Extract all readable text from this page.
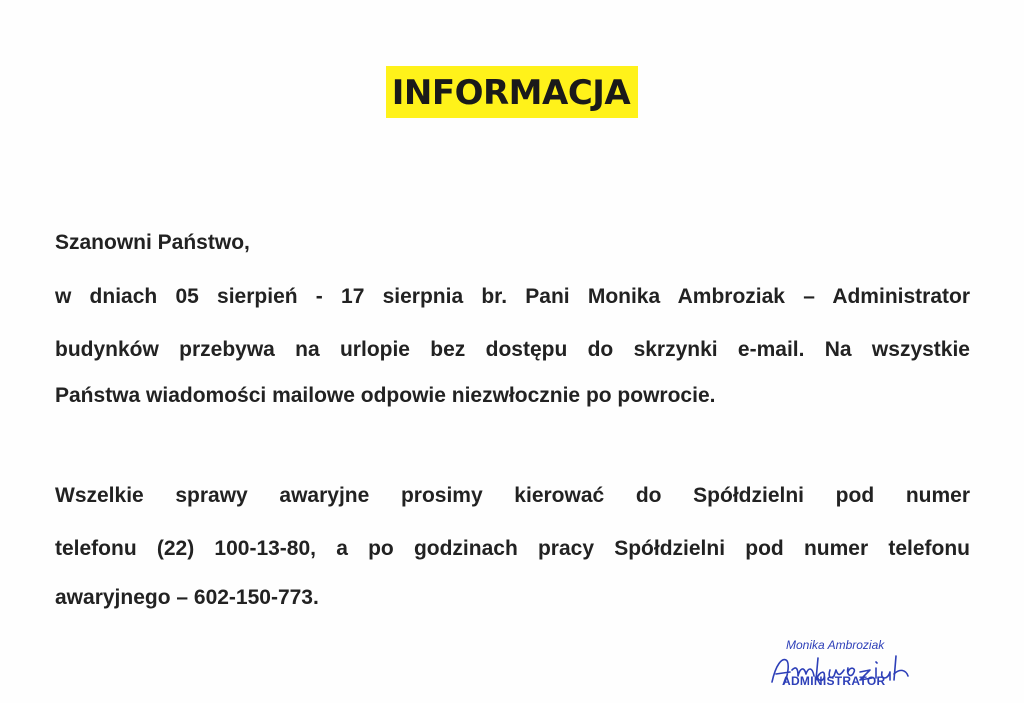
INFORMACJA
Szanowni Państwo,
w dniach 05 sierpień - 17 sierpnia br. Pani Monika Ambroziak – Administrator
budynków przebywa na urlopie bez dostępu do skrzynki e-mail. Na wszystkie
Państwa wiadomości mailowe odpowie niezwłocznie po powrocie.
Wszelkie sprawy awaryjne prosimy kierować do Spółdzielni pod numer
telefonu (22) 100-13-80, a po godzinach pracy Spółdzielni pod numer telefonu
awaryjnego – 602-150-773.
Monika Ambroziak
ADMINISTRATOR
